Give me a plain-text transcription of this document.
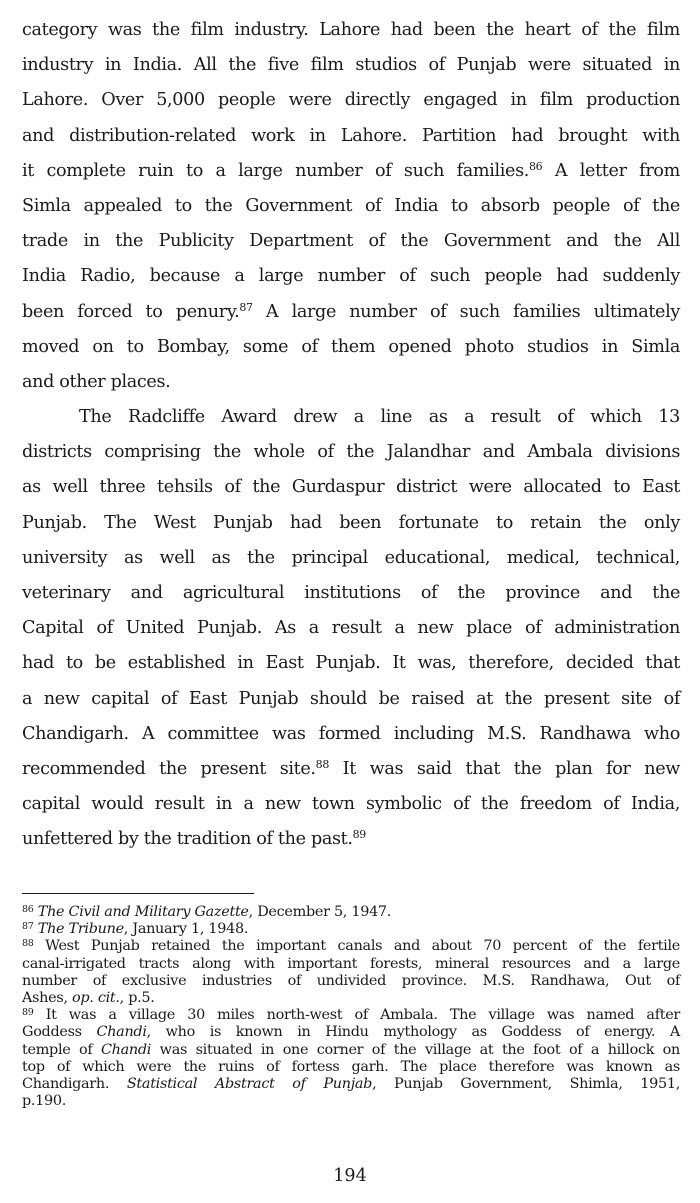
category was the film industry. Lahore had been the heart of the film
industry in India. All the five film studios of Punjab were situated in
Lahore. Over 5,000 people were directly engaged in film production
and distribution-related work in Lahore. Partition had brought with
it complete ruin to a large number of such families.$^{86}$ A letter from
Simla appealed to the Government of India to absorb people of the
trade in the Publicity Department of the Government and the All
India Radio, because a large number of such people had suddenly
been forced to penury.$^{87}$ A large number of such families ultimately
moved on to Bombay, some of them opened photo studios in Simla
and other places.
The Radcliffe Award drew a line as a result of which 13
districts comprising the whole of the Jalandhar and Ambala divisions
as well three tehsils of the Gurdaspur district were allocated to East
Punjab. The West Punjab had been fortunate to retain the only
university as well as the principal educational, medical, technical,
veterinary and agricultural institutions of the province and the
Capital of United Punjab. As a result a new place of administration
had to be established in East Punjab. It was, therefore, decided that
a new capital of East Punjab should be raised at the present site of
Chandigarh. A committee was formed including M.S. Randhawa who
recommended the present site.$^{88}$ It was said that the plan for new
capital would result in a new town symbolic of the freedom of India,
unfettered by the tradition of the past.$^{89}$
$^{86}$ The Civil and Military Gazette, December 5, 1947.
$^{87}$ The Tribune, January 1, 1948.
$^{88}$ West Punjab retained the important canals and about 70 percent of the fertile
canal-irrigated tracts along with important forests, mineral resources and a large
number of exclusive industries of undivided province. M.S. Randhawa, Out of
Ashes, op. cit., p.5.
$^{89}$ It was a village 30 miles north-west of Ambala. The village was named after
Goddess Chandi, who is known in Hindu mythology as Goddess of energy. A
temple of Chandi was situated in one corner of the village at the foot of a hillock on
top of which were the ruins of fortess garh. The place therefore was known as
Chandigarh. Statistical Abstract of Punjab, Punjab Government, Shimla, 1951,
p.190.
194
